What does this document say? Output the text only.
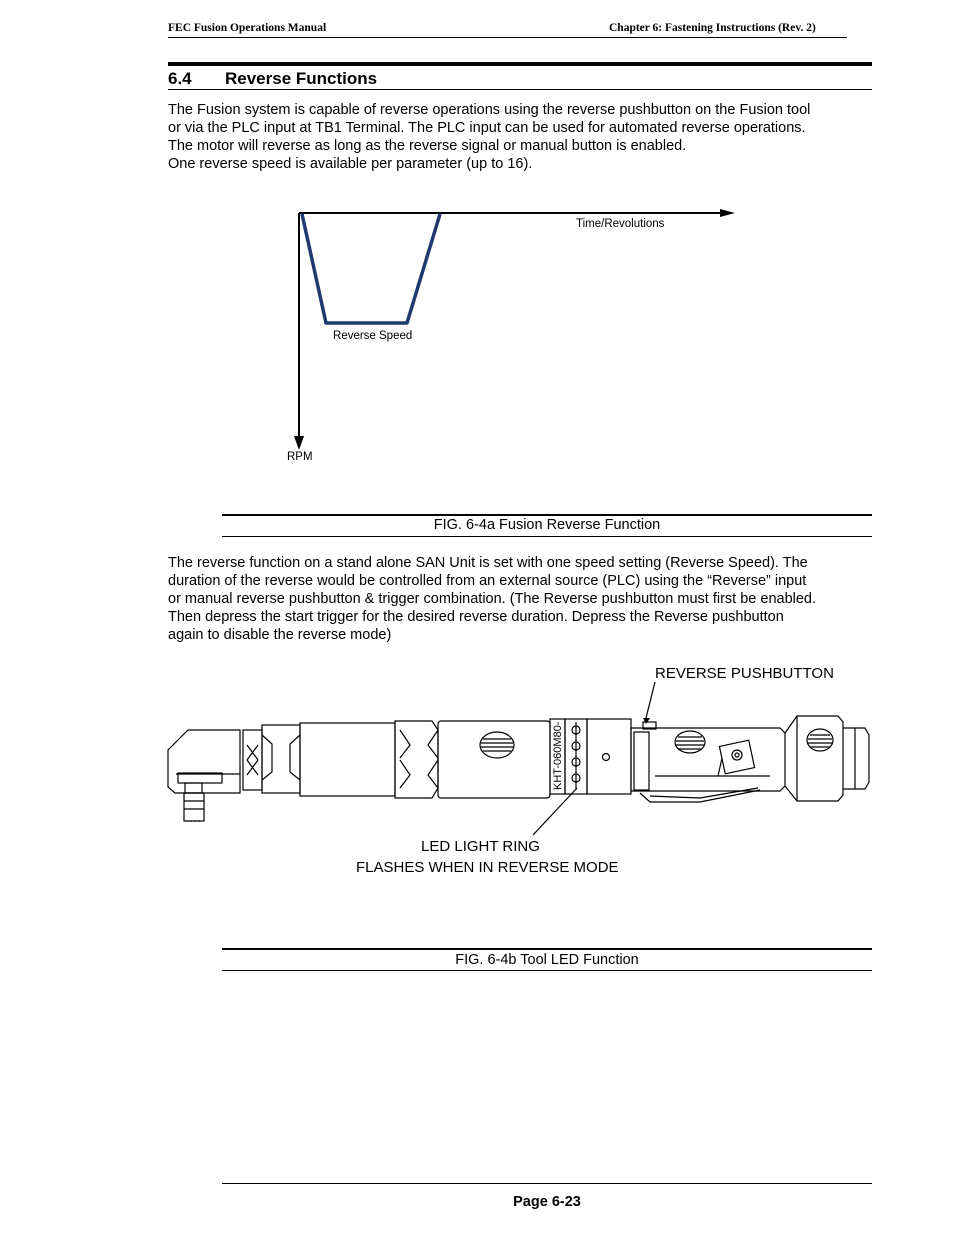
FEC Fusion Operations Manual	Chapter 6: Fastening Instructions (Rev. 2)
6.4 Reverse Functions
The Fusion system is capable of reverse operations using the reverse pushbutton on the Fusion tool
or via the PLC input at TB1 Terminal. The PLC input can be used for automated reverse operations.
The motor will reverse as long as the reverse signal or manual button is enabled.
One reverse speed is available per parameter (up to 16).
Time/Revolutions
Reverse Speed
RPM
FIG. 6-4a Fusion Reverse Function
The reverse function on a stand alone SAN Unit is set with one speed setting (Reverse Speed). The
duration of the reverse would be controlled from an external source (PLC) using the “Reverse” input
or manual reverse pushbutton & trigger combination. (The Reverse pushbutton must first be enabled.
Then depress the start trigger for the desired reverse duration. Depress the Reverse pushbutton
again to disable the reverse mode)
REVERSE PUSHBUTTON
KHT-060M80-
LED LIGHT RING
FLASHES WHEN IN REVERSE MODE
FIG. 6-4b Tool LED Function
Page 6-23
